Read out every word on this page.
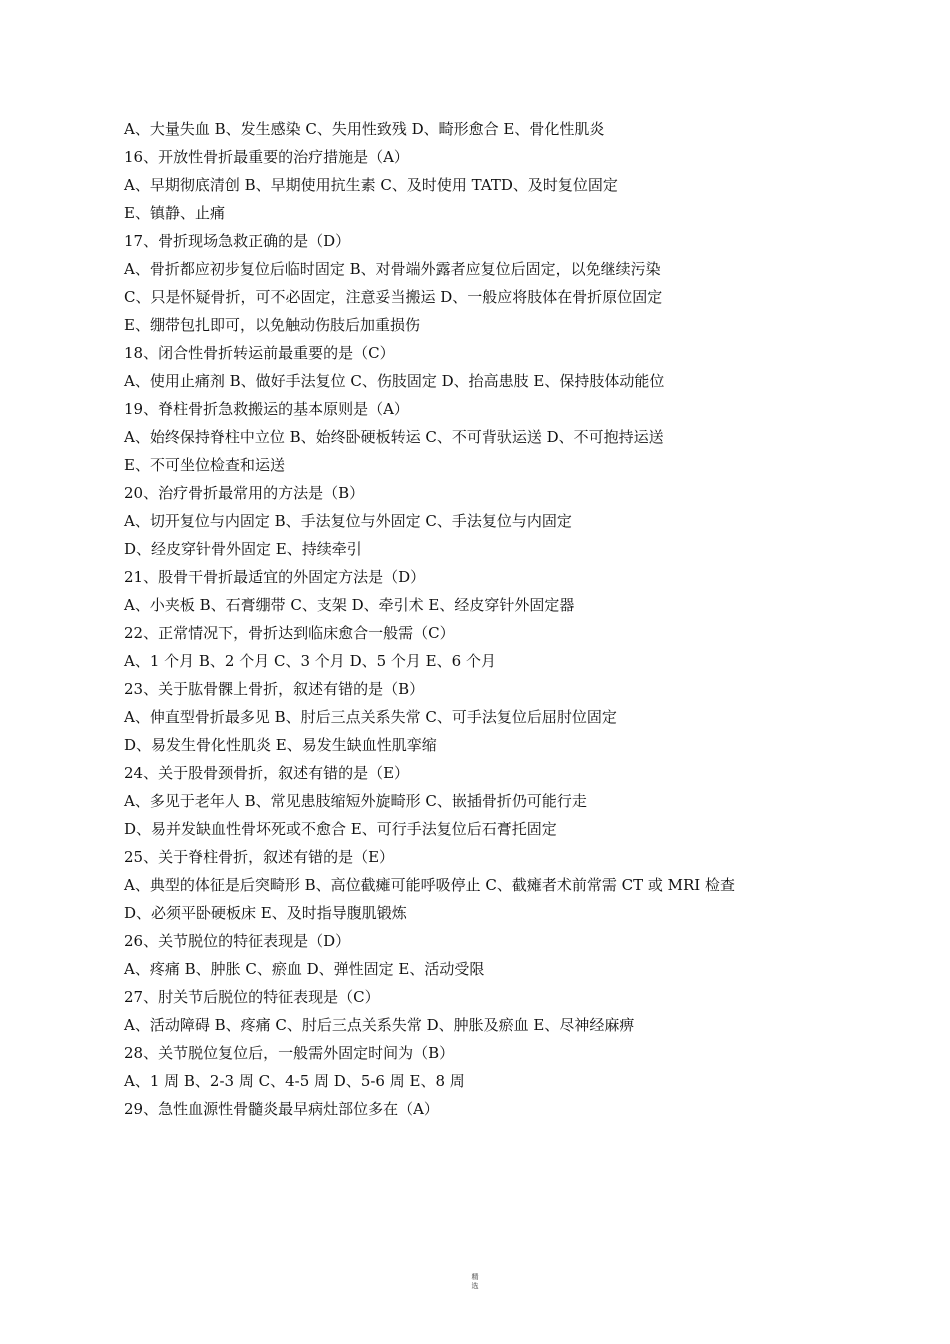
A、大量失血 B、发生感染 C、失用性致残 D、畸形愈合 E、骨化性肌炎
16、开放性骨折最重要的治疗措施是（A）
A、早期彻底清创 B、早期使用抗生素 C、及时使用 TATD、及时复位固定
E、镇静、止痛
17、骨折现场急救正确的是（D）
A、骨折都应初步复位后临时固定 B、对骨端外露者应复位后固定，以免继续污染
C、只是怀疑骨折，可不必固定，注意妥当搬运 D、一般应将肢体在骨折原位固定
E、绷带包扎即可，以免触动伤肢后加重损伤
18、闭合性骨折转运前最重要的是（C）
A、使用止痛剂 B、做好手法复位 C、伤肢固定 D、抬高患肢 E、保持肢体动能位
19、脊柱骨折急救搬运的基本原则是（A）
A、始终保持脊柱中立位 B、始终卧硬板转运 C、不可背驮运送 D、不可抱持运送
E、不可坐位检查和运送
20、治疗骨折最常用的方法是（B）
A、切开复位与内固定 B、手法复位与外固定 C、手法复位与内固定
D、经皮穿针骨外固定 E、持续牵引
21、股骨干骨折最适宜的外固定方法是（D）
A、小夹板 B、石膏绷带 C、支架 D、牵引术 E、经皮穿针外固定器
22、正常情况下，骨折达到临床愈合一般需（C）
A、1 个月 B、2 个月 C、3 个月 D、5 个月 E、6 个月
23、关于肱骨髁上骨折，叙述有错的是（B）
A、伸直型骨折最多见 B、肘后三点关系失常 C、可手法复位后屈肘位固定
D、易发生骨化性肌炎 E、易发生缺血性肌挛缩
24、关于股骨颈骨折，叙述有错的是（E）
A、多见于老年人 B、常见患肢缩短外旋畸形 C、嵌插骨折仍可能行走
D、易并发缺血性骨坏死或不愈合 E、可行手法复位后石膏托固定
25、关于脊柱骨折，叙述有错的是（E）
A、典型的体征是后突畸形 B、高位截瘫可能呼吸停止 C、截瘫者术前常需 CT 或 MRI 检查
D、必须平卧硬板床 E、及时指导腹肌锻炼
26、关节脱位的特征表现是（D）
A、疼痛 B、肿胀 C、瘀血 D、弹性固定 E、活动受限
27、肘关节后脱位的特征表现是（C）
A、活动障碍 B、疼痛 C、肘后三点关系失常 D、肿胀及瘀血 E、尽神经麻痹
28、关节脱位复位后，一般需外固定时间为（B）
A、1 周 B、2-3 周 C、4-5 周 D、5-6 周 E、8 周
29、急性血源性骨髓炎最早病灶部位多在（A）
精
选
